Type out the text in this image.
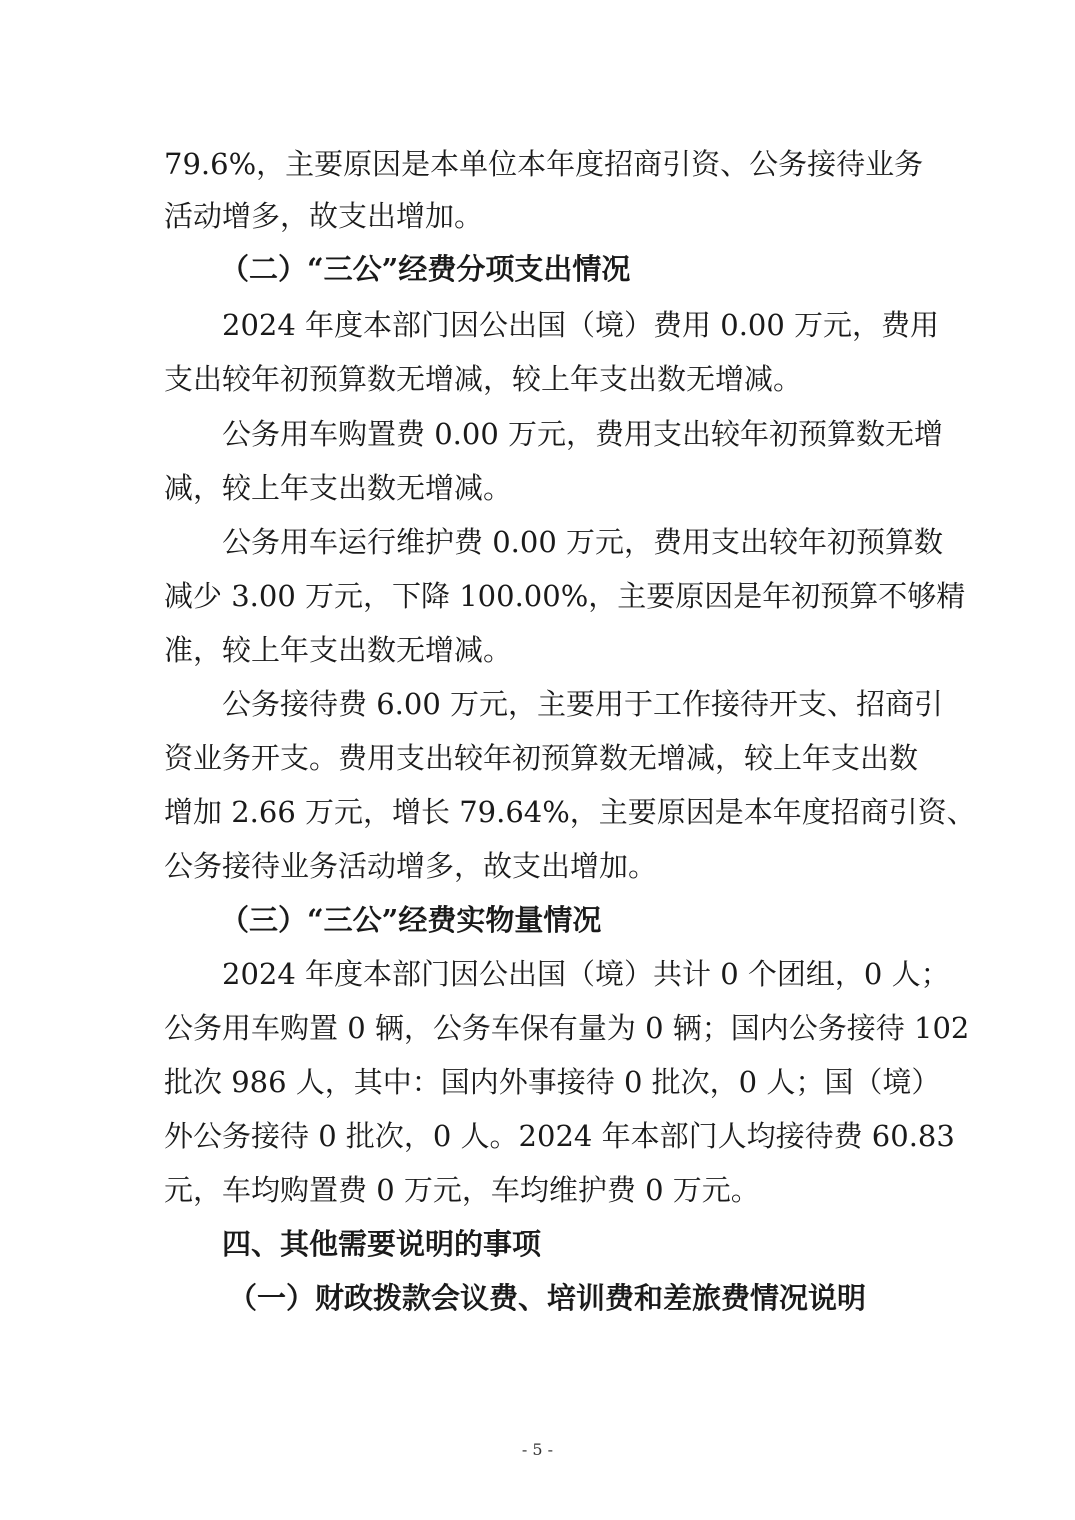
79.6%，主要原因是本单位本年度招商引资、公务接待业务
活动增多，故支出增加。
（二）“三公”经费分项支出情况
2024 年度本部门因公出国（境）费用 0.00 万元，费用
支出较年初预算数无增减，较上年支出数无增减。
公务用车购置费 0.00 万元，费用支出较年初预算数无增
减，较上年支出数无增减。
公务用车运行维护费 0.00 万元，费用支出较年初预算数
减少 3.00 万元，下降 100.00%，主要原因是年初预算不够精
准，较上年支出数无增减。
公务接待费 6.00 万元，主要用于工作接待开支、招商引
资业务开支。费用支出较年初预算数无增减，较上年支出数
增加 2.66 万元，增长 79.64%，主要原因是本年度招商引资、
公务接待业务活动增多，故支出增加。
（三）“三公”经费实物量情况
2024 年度本部门因公出国（境）共计 0 个团组，0 人；
公务用车购置 0 辆，公务车保有量为 0 辆；国内公务接待 102
批次 986 人，其中：国内外事接待 0 批次，0 人；国（境）
外公务接待 0 批次，0 人。2024 年本部门人均接待费 60.83
元，车均购置费 0 万元，车均维护费 0 万元。
四、其他需要说明的事项
（一）财政拨款会议费、培训费和差旅费情况说明
- 5 -
